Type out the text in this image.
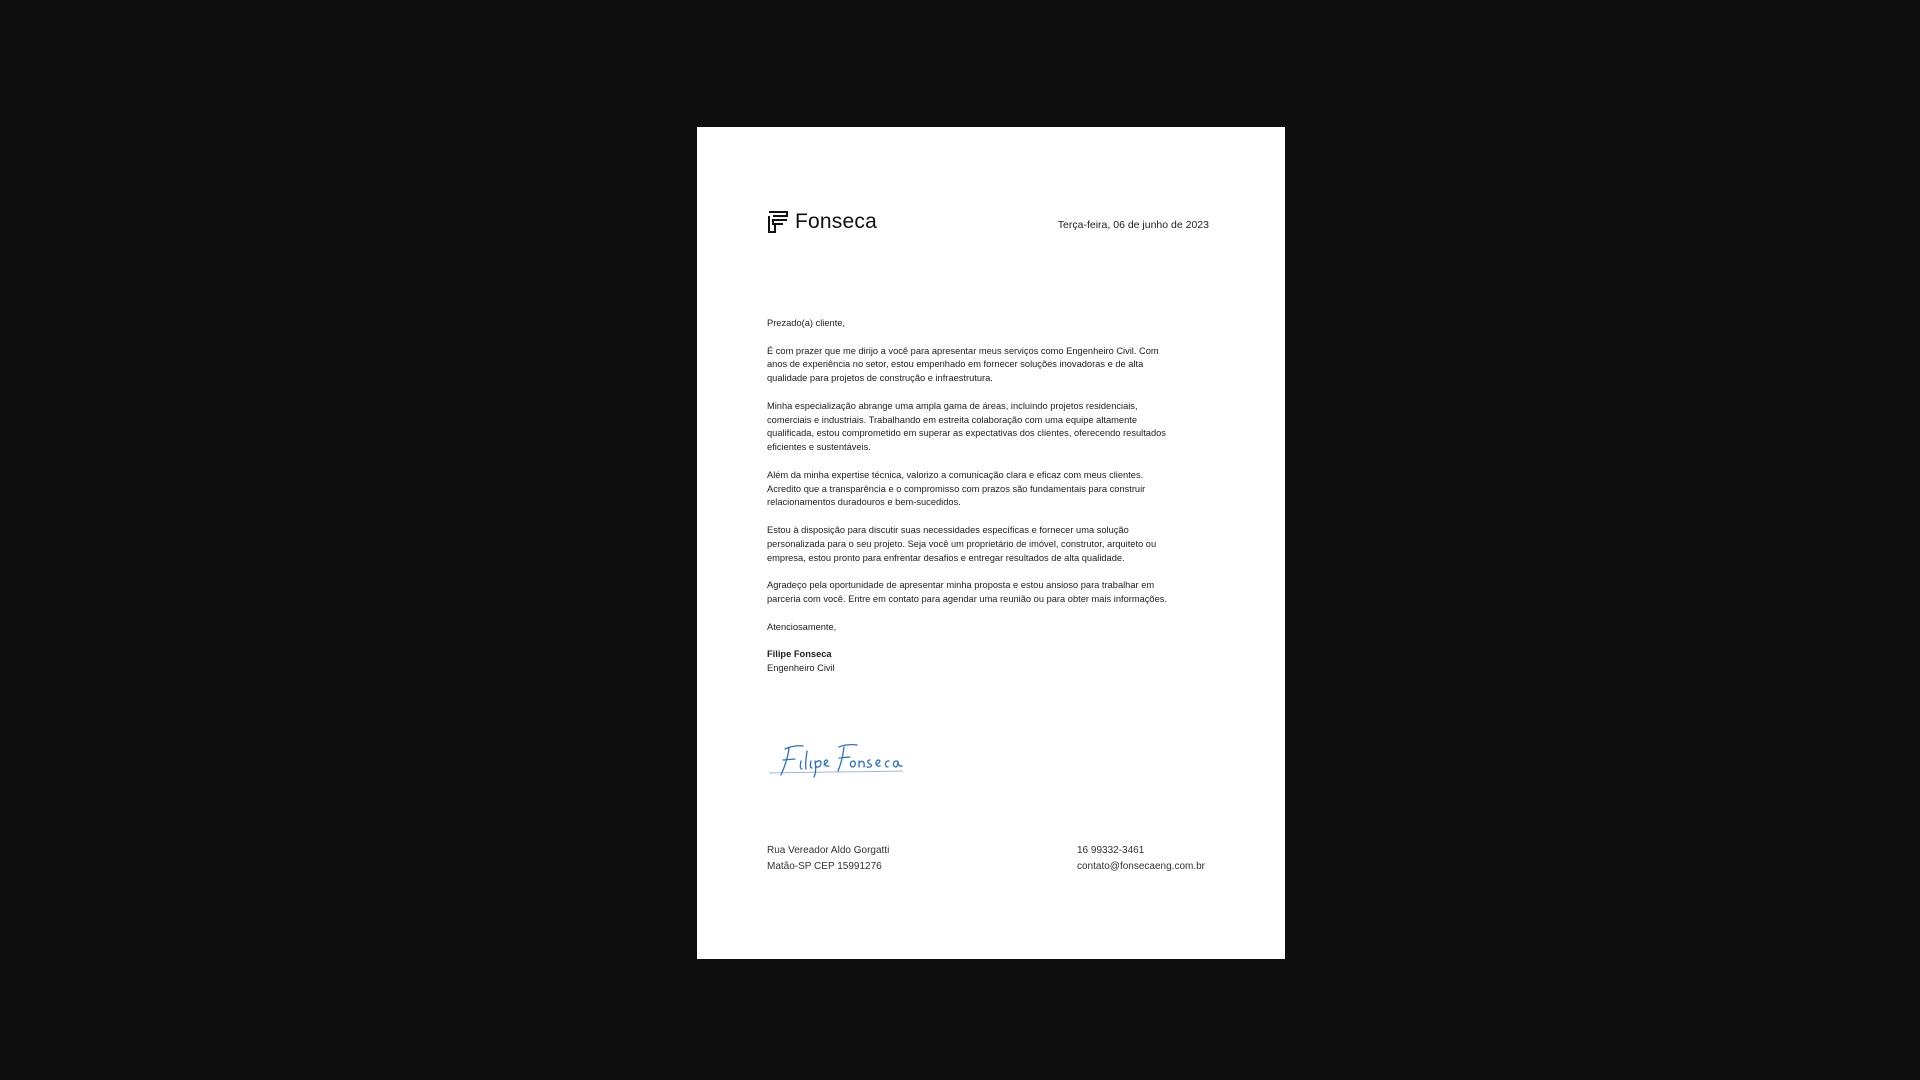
Fonseca	Terça-feira, 06 de junho de 2023

Prezado(a) cliente,

É com prazer que me dirijo a você para apresentar meus serviços como Engenheiro Civil. Com anos de experiência no setor, estou empenhado em fornecer soluções inovadoras e de alta qualidade para projetos de construção e infraestrutura.

Minha especialização abrange uma ampla gama de áreas, incluindo projetos residenciais, comerciais e industriais. Trabalhando em estreita colaboração com uma equipe altamente qualificada, estou comprometido em superar as expectativas dos clientes, oferecendo resultados eficientes e sustentáveis.

Além da minha expertise técnica, valorizo a comunicação clara e eficaz com meus clientes. Acredito que a transparência e o compromisso com prazos são fundamentais para construir relacionamentos duradouros e bem-sucedidos.

Estou à disposição para discutir suas necessidades específicas e fornecer uma solução personalizada para o seu projeto. Seja você um proprietário de imóvel, construtor, arquiteto ou empresa, estou pronto para enfrentar desafios e entregar resultados de alta qualidade.

Agradeço pela oportunidade de apresentar minha proposta e estou ansioso para trabalhar em parceria com você. Entre em contato para agendar uma reunião ou para obter mais informações.

Atenciosamente,

Filipe Fonseca

Engenheiro Civil

Rua Vereador Aldo Gorgatti
Matão-SP CEP 15991276
16 99332-3461
contato@fonsecaeng.com.br
